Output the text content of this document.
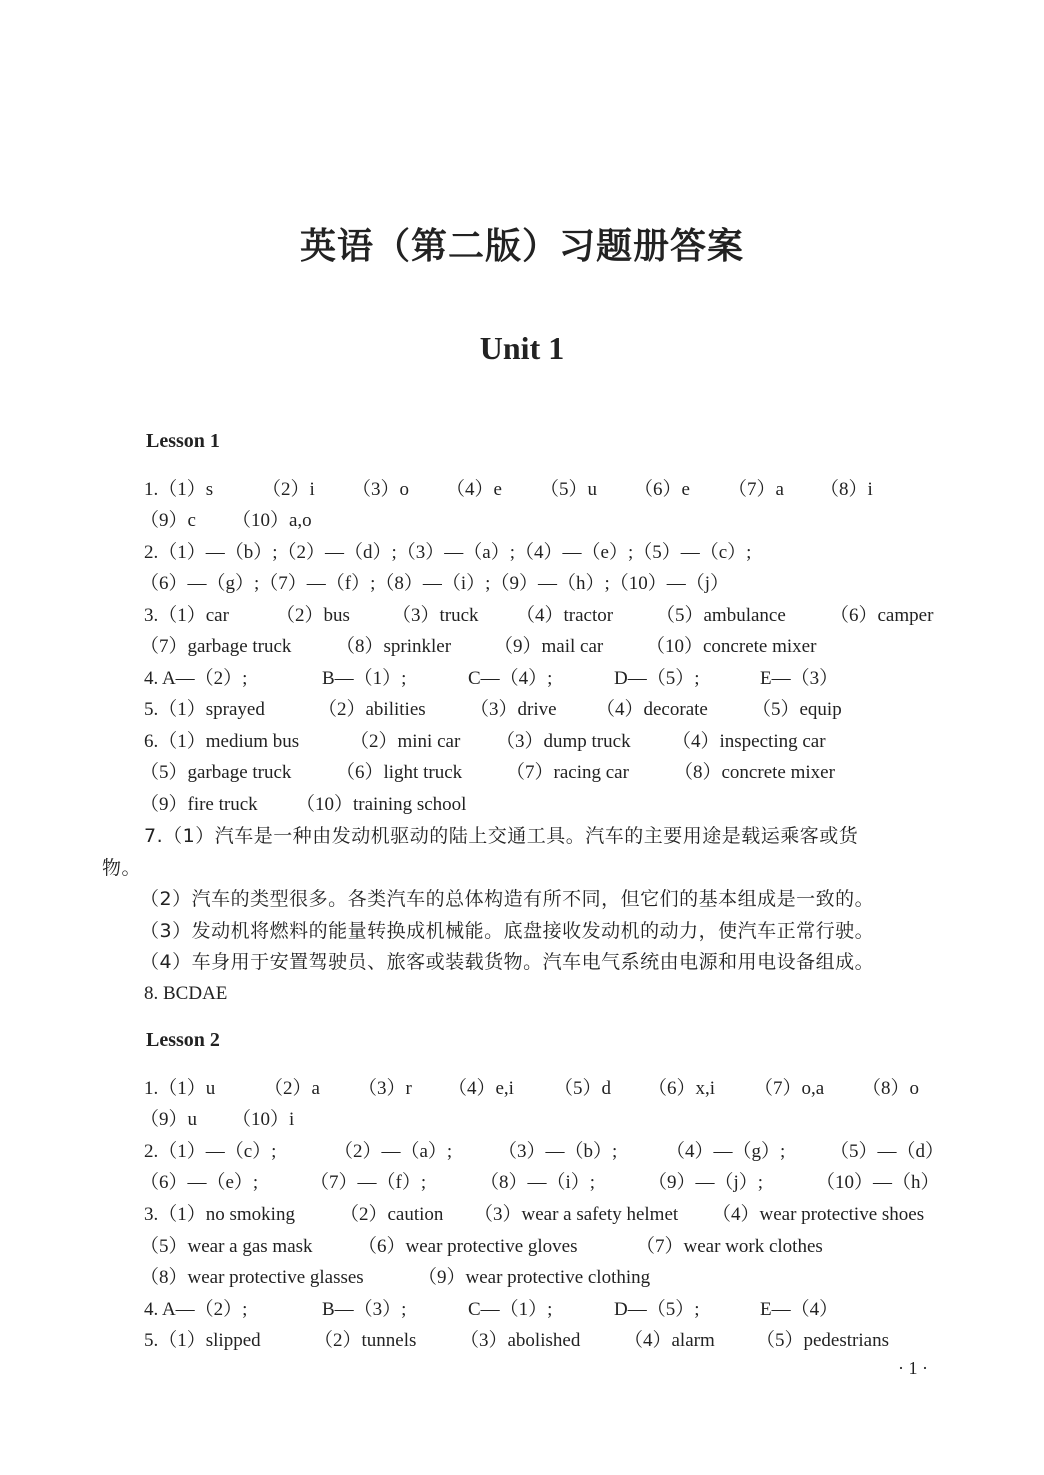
英语（第二版）习题册答案
Unit 1
Lesson 1
1.（1）s	（2）i （3）o （4）e （5）u （6）e （7）a （8）i
（9）c （10）a,o
2.（1）—（b）;（2）—（d）;（3）—（a）;（4）—（e）;（5）—（c）;
（6）—（g）;（7）—（f）;（8）—（i）;（9）—（h）;（10）—（j）
3.（1）car （2）bus （3）truck （4）tractor （5）ambulance （6）camper
（7）garbage truck （8）sprinkler （9）mail car （10）concrete mixer
4. A—（2）;	B—（1）;	C—（4）;	D—（5）;	E—（3）
5.（1）sprayed	（2）abilities （3）drive （4）decorate （5）equip
6.（1）medium bus	（2）mini car （3）dump truck （4）inspecting car
（5）garbage truck （6）light truck （7）racing car （8）concrete mixer
（9）fire truck （10）training school
7.（1）汽车是一种由发动机驱动的陆上交通工具。汽车的主要用途是载运乘客或货
物。
（2）汽车的类型很多。各类汽车的总体构造有所不同，但它们的基本组成是一致的。
（3）发动机将燃料的能量转换成机械能。底盘接收发动机的动力，使汽车正常行驶。
（4）车身用于安置驾驶员、旅客或装载货物。汽车电气系统由电源和用电设备组成。
8. BCDAE
Lesson 2
1.（1）u	（2）a （3）r （4）e,i （5）d （6）x,i （7）o,a （8）o
（9）u （10）i
2.（1）—（c）;	（2）—（a）; （3）—（b）;	（4）—（g）; （5）—（d）
（6）—（e）;	（7）—（f）;	（8）—（i）;	（9）—（j）;	（10）—（h）
3.（1）no smoking （2）caution （3）wear a safety helmet （4）wear protective shoes
（5）wear a gas mask （6）wear protective gloves	（7）wear work clothes
（8）wear protective glasses	（9）wear protective clothing
4. A—（2）;	B—（3）;	C—（1）;	D—（5）;	E—（4）
5.（1）slipped	（2）tunnels （3）abolished （4）alarm （5）pedestrians
· 1 ·
